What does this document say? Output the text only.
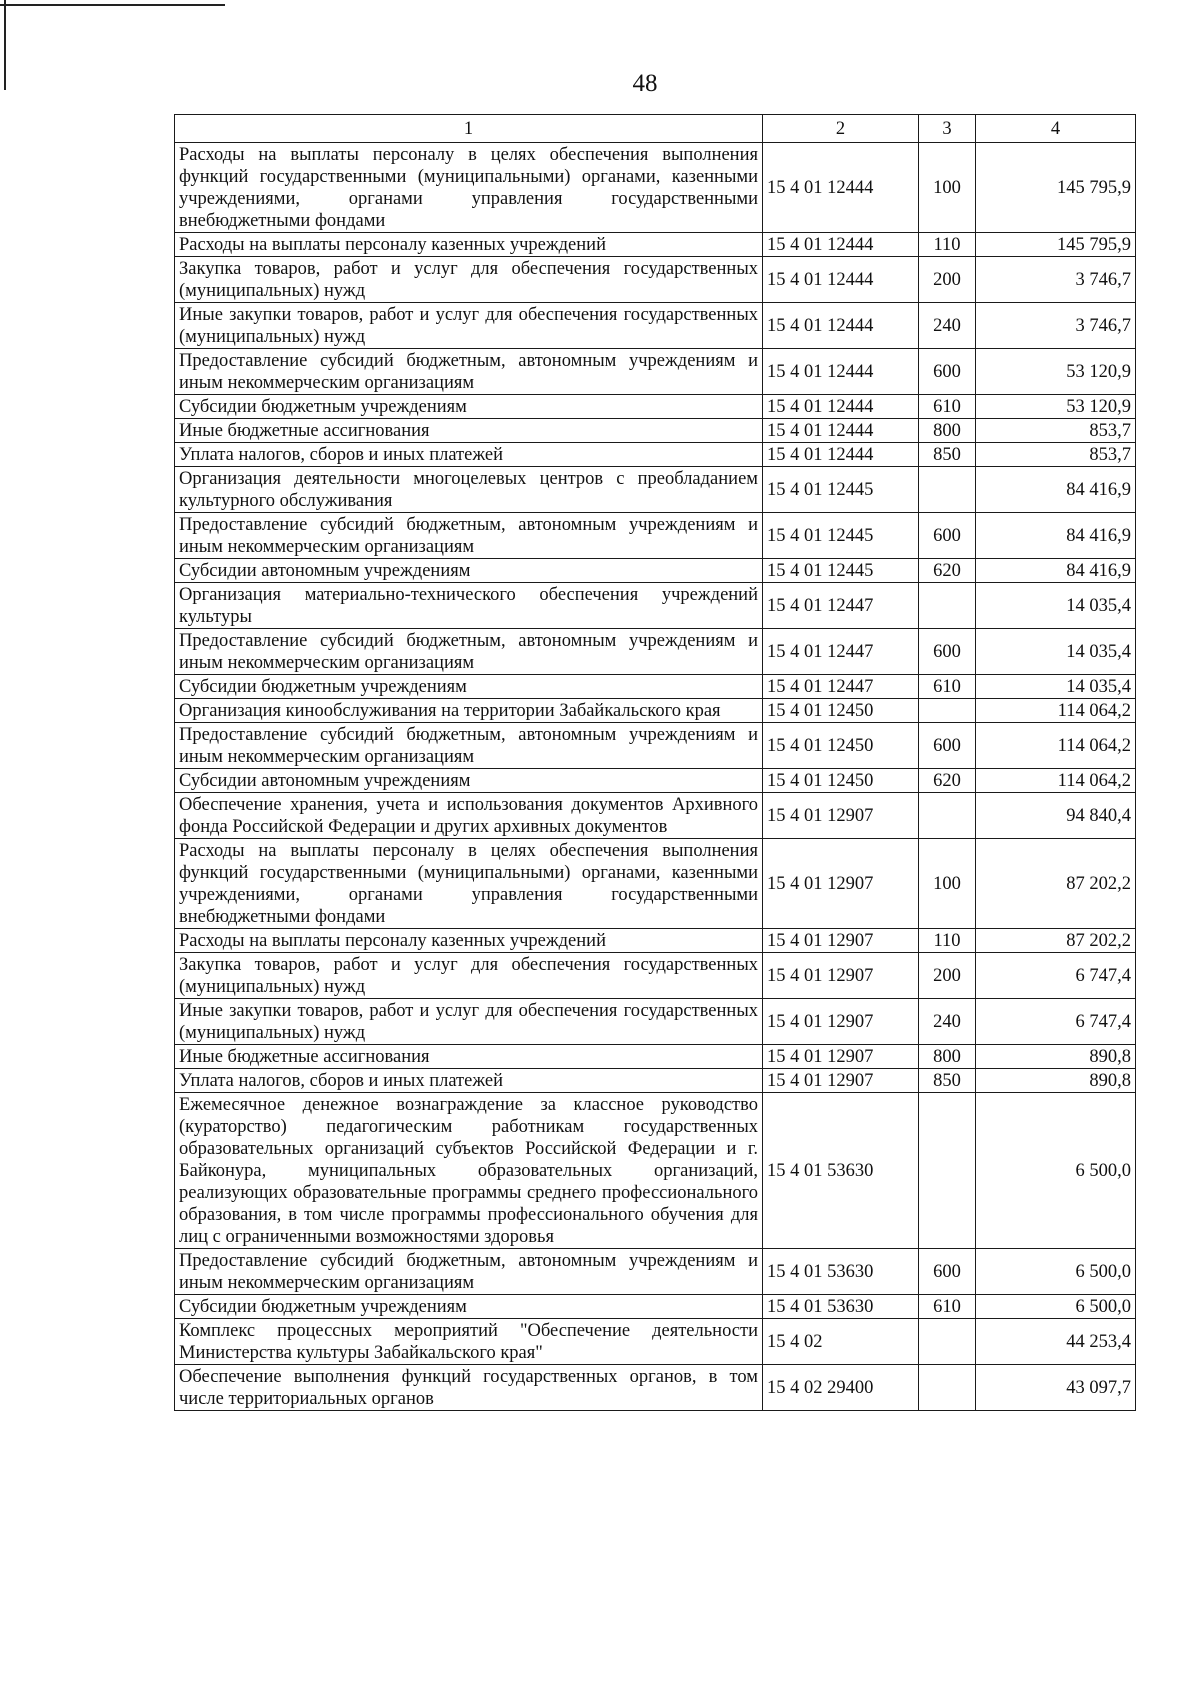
48
1	2	3	4
Расходы на выплаты персоналу в целях обеспечения выполнения функций государственными (муниципальными) органами, казенными учреждениями, органами управления государственными внебюджетными фондами	15 4 01 12444	100	145 795,9
Расходы на выплаты персоналу казенных учреждений	15 4 01 12444	110	145 795,9
Закупка товаров, работ и услуг для обеспечения государственных (муниципальных) нужд	15 4 01 12444	200	3 746,7
Иные закупки товаров, работ и услуг для обеспечения государственных (муниципальных) нужд	15 4 01 12444	240	3 746,7
Предоставление субсидий бюджетным, автономным учреждениям и иным некоммерческим организациям	15 4 01 12444	600	53 120,9
Субсидии бюджетным учреждениям	15 4 01 12444	610	53 120,9
Иные бюджетные ассигнования	15 4 01 12444	800	853,7
Уплата налогов, сборов и иных платежей	15 4 01 12444	850	853,7
Организация деятельности многоцелевых центров с преобладанием культурного обслуживания	15 4 01 12445		84 416,9
Предоставление субсидий бюджетным, автономным учреждениям и иным некоммерческим организациям	15 4 01 12445	600	84 416,9
Субсидии автономным учреждениям	15 4 01 12445	620	84 416,9
Организация материально-технического обеспечения учреждений культуры	15 4 01 12447		14 035,4
Предоставление субсидий бюджетным, автономным учреждениям и иным некоммерческим организациям	15 4 01 12447	600	14 035,4
Субсидии бюджетным учреждениям	15 4 01 12447	610	14 035,4
Организация кинообслуживания на территории Забайкальского края	15 4 01 12450		114 064,2
Предоставление субсидий бюджетным, автономным учреждениям и иным некоммерческим организациям	15 4 01 12450	600	114 064,2
Субсидии автономным учреждениям	15 4 01 12450	620	114 064,2
Обеспечение хранения, учета и использования документов Архивного фонда Российской Федерации и других архивных документов	15 4 01 12907		94 840,4
Расходы на выплаты персоналу в целях обеспечения выполнения функций государственными (муниципальными) органами, казенными учреждениями, органами управления государственными внебюджетными фондами	15 4 01 12907	100	87 202,2
Расходы на выплаты персоналу казенных учреждений	15 4 01 12907	110	87 202,2
Закупка товаров, работ и услуг для обеспечения государственных (муниципальных) нужд	15 4 01 12907	200	6 747,4
Иные закупки товаров, работ и услуг для обеспечения государственных (муниципальных) нужд	15 4 01 12907	240	6 747,4
Иные бюджетные ассигнования	15 4 01 12907	800	890,8
Уплата налогов, сборов и иных платежей	15 4 01 12907	850	890,8
Ежемесячное денежное вознаграждение за классное руководство (кураторство) педагогическим работникам государственных образовательных организаций субъектов Российской Федерации и г. Байконура, муниципальных образовательных организаций, реализующих образовательные программы среднего профессионального образования, в том числе программы профессионального обучения для лиц с ограниченными возможностями здоровья	15 4 01 53630		6 500,0
Предоставление субсидий бюджетным, автономным учреждениям и иным некоммерческим организациям	15 4 01 53630	600	6 500,0
Субсидии бюджетным учреждениям	15 4 01 53630	610	6 500,0
Комплекс процессных мероприятий "Обеспечение деятельности Министерства культуры Забайкальского края"	15 4 02		44 253,4
Обеспечение выполнения функций государственных органов, в том числе территориальных органов	15 4 02 29400		43 097,7
